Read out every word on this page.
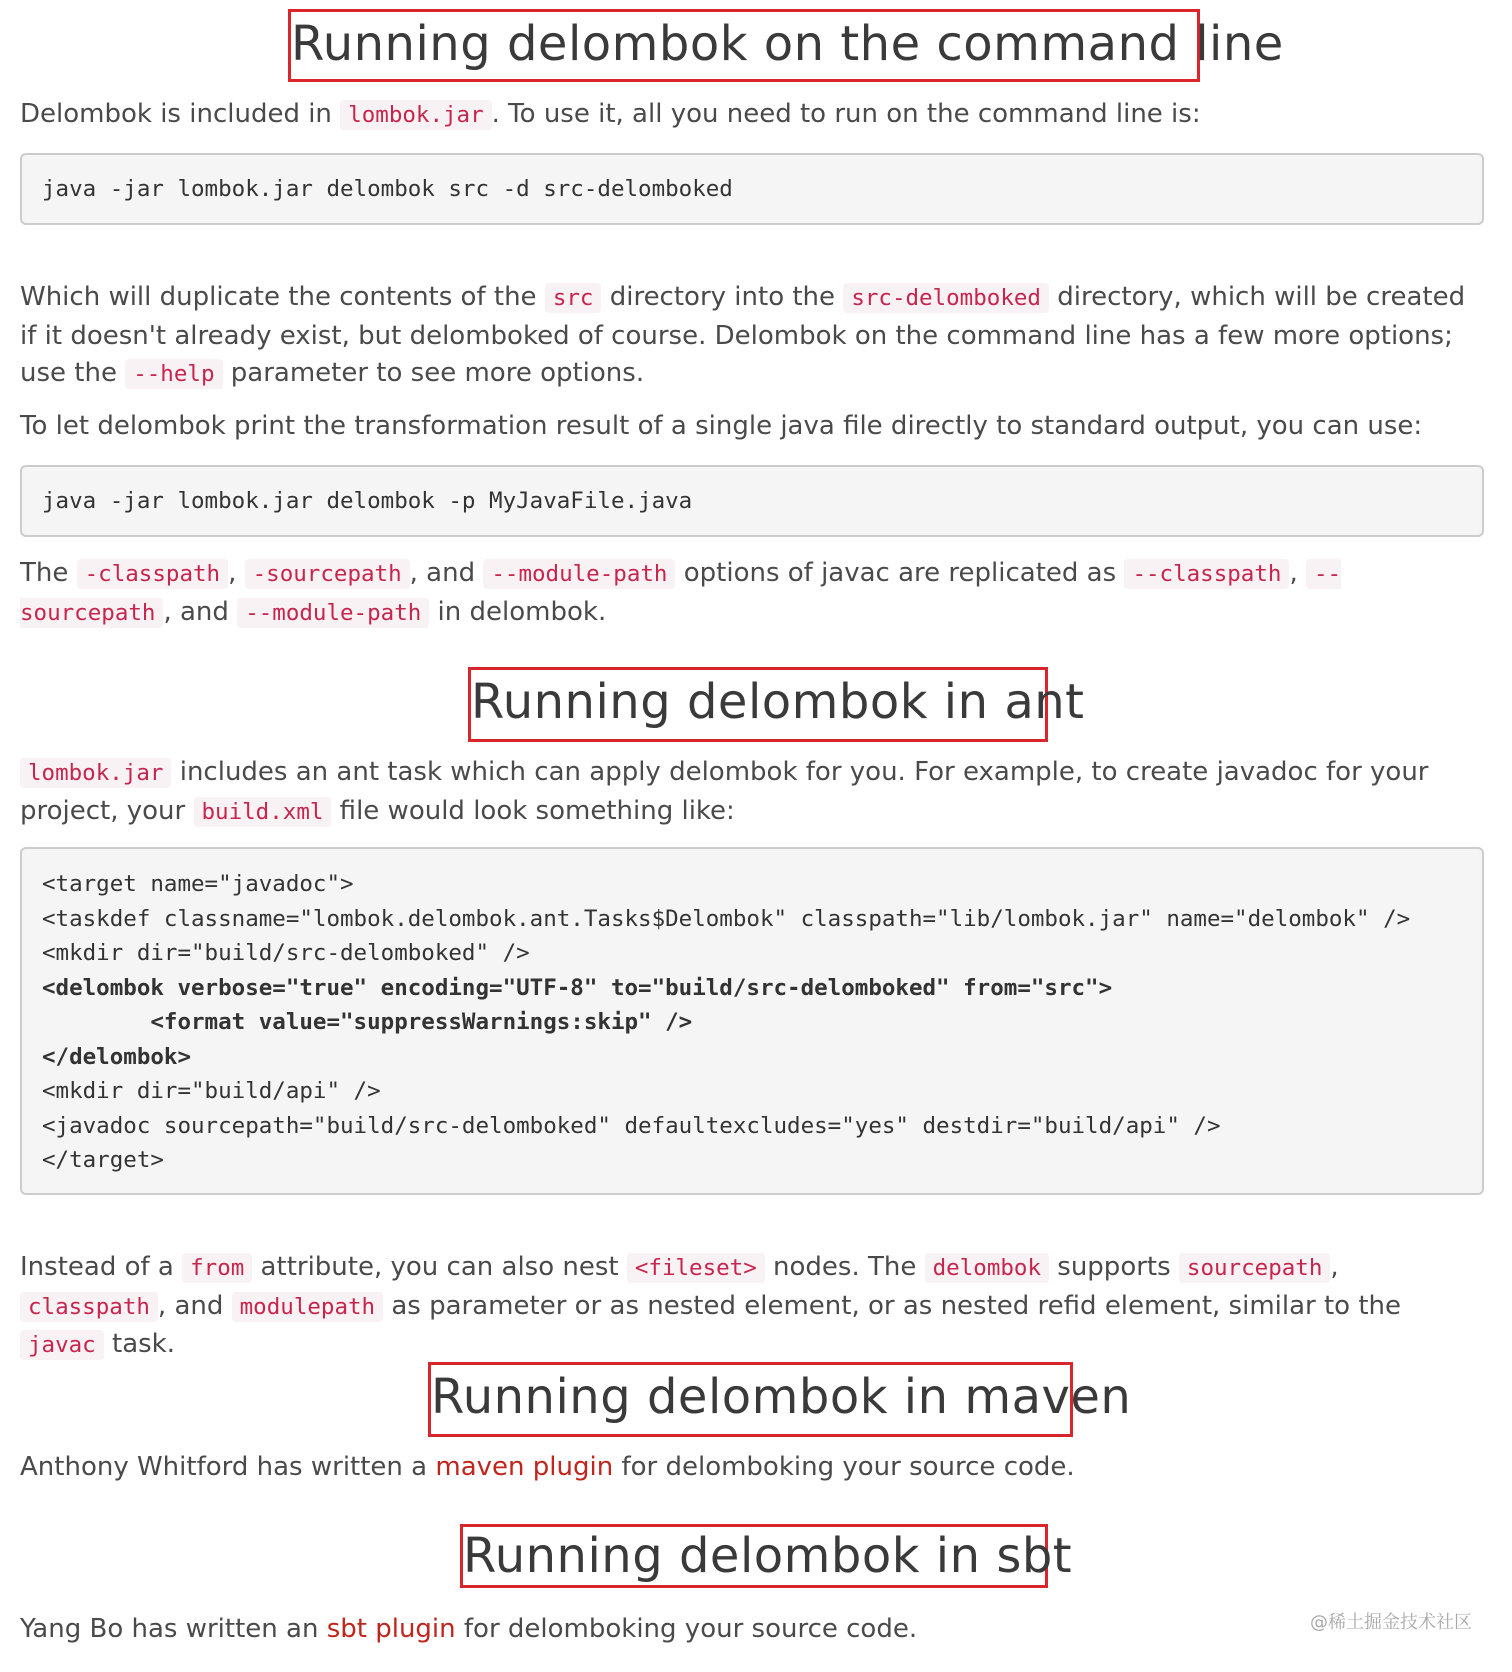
Running delombok on the command line

Delombok is included in lombok.jar . To use it, all you need to run on the command line is:

java -jar lombok.jar delombok src -d src-delomboked

Which will duplicate the contents of the src directory into the src-delomboked directory, which will be created if it doesn't already exist, but delomboked of course. Delombok on the command line has a few more options; use the --help parameter to see more options.

To let delombok print the transformation result of a single java file directly to standard output, you can use:

java -jar lombok.jar delombok -p MyJavaFile.java

The -classpath , -sourcepath , and --module-path options of javac are replicated as --classpath , --sourcepath , and --module-path in delombok.

Running delombok in ant

lombok.jar includes an ant task which can apply delombok for you. For example, to create javadoc for your project, your build.xml file would look something like:

<target name="javadoc">
<taskdef classname="lombok.delombok.ant.Tasks$Delombok" classpath="lib/lombok.jar" name="delombok" />
<mkdir dir="build/src-delomboked" />
<delombok verbose="true" encoding="UTF-8" to="build/src-delomboked" from="src">
<format value="suppressWarnings:skip" />
</delombok>
<mkdir dir="build/api" />
<javadoc sourcepath="build/src-delomboked" defaultexcludes="yes" destdir="build/api" />
</target>

Instead of a from attribute, you can also nest <fileset> nodes. The delombok supports sourcepath , classpath , and modulepath as parameter or as nested element, or as nested refid element, similar to the javac task.

Running delombok in maven

Anthony Whitford has written a maven plugin for delomboking your source code.

Running delombok in sbt

Yang Bo has written an sbt plugin for delomboking your source code.	@稀土掘金技术社区
